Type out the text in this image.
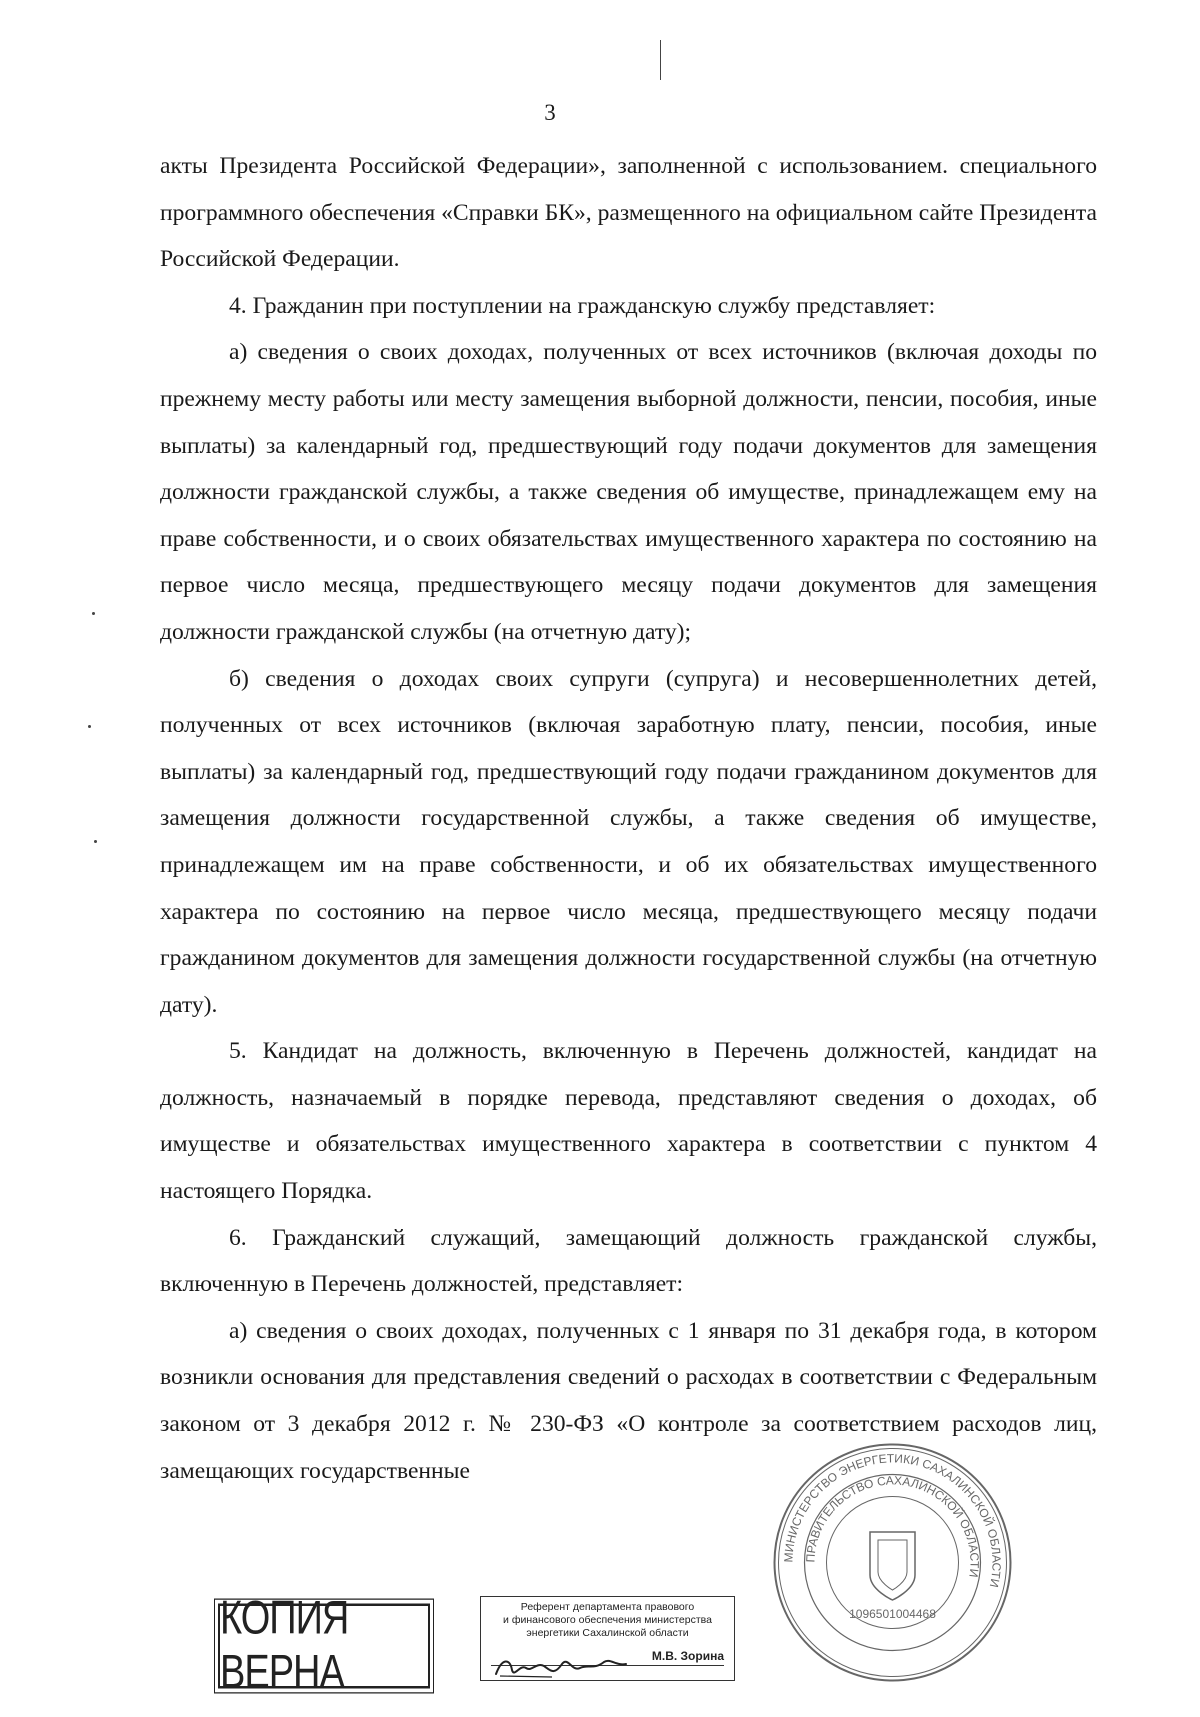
3

акты Президента Российской Федерации», заполненной с использованием. специального программного обеспечения «Справки БК», размещенного на официальном сайте Президента Российской Федерации.

4. Гражданин при поступлении на гражданскую службу представляет:

а) сведения о своих доходах, полученных от всех источников (включая доходы по прежнему месту работы или месту замещения выборной должности, пенсии, пособия, иные выплаты) за календарный год, предшествующий году подачи документов для замещения должности гражданской службы, а также сведения об имуществе, принадлежащем ему на праве собственности, и о своих обязательствах имущественного характера по состоянию на первое число месяца, предшествующего месяцу подачи документов для замещения должности гражданской службы (на отчетную дату);

б) сведения о доходах своих супруги (супруга) и несовершеннолетних детей, полученных от всех источников (включая заработную плату, пенсии, пособия, иные выплаты) за календарный год, предшествующий году подачи гражданином документов для замещения должности государственной службы, а также сведения об имуществе, принадлежащем им на праве собственности, и об их обязательствах имущественного характера по состоянию на первое число месяца, предшествующего месяцу подачи гражданином документов для замещения должности государственной службы (на отчетную дату).

5. Кандидат на должность, включенную в Перечень должностей, кандидат на должность, назначаемый в порядке перевода, представляют сведения о доходах, об имуществе и обязательствах имущественного характера в соответствии с пунктом 4 настоящего Порядка.

6. Гражданский служащий, замещающий должность гражданской службы, включенную в Перечень должностей, представляет:

а) сведения о своих доходах, полученных с 1 января по 31 декабря года, в котором возникли основания для представления сведений о расходах в соответствии с Федеральным законом от 3 декабря 2012 г. № 230-ФЗ «О контроле за соответствием расходов лиц, замещающих государственные

КОПИЯ ВЕРНА
Референт департамента правового
и финансового обеспечения министерства
энергетики Сахалинской области
М.В. Зорина
МИНИСТЕРСТВО ЭНЕРГЕТИКИ САХАЛИНСКОЙ ОБЛАСТИ
ПРАВИТЕЛЬСТВО САХАЛИНСКОЙ ОБЛАСТИ
1096501004468
